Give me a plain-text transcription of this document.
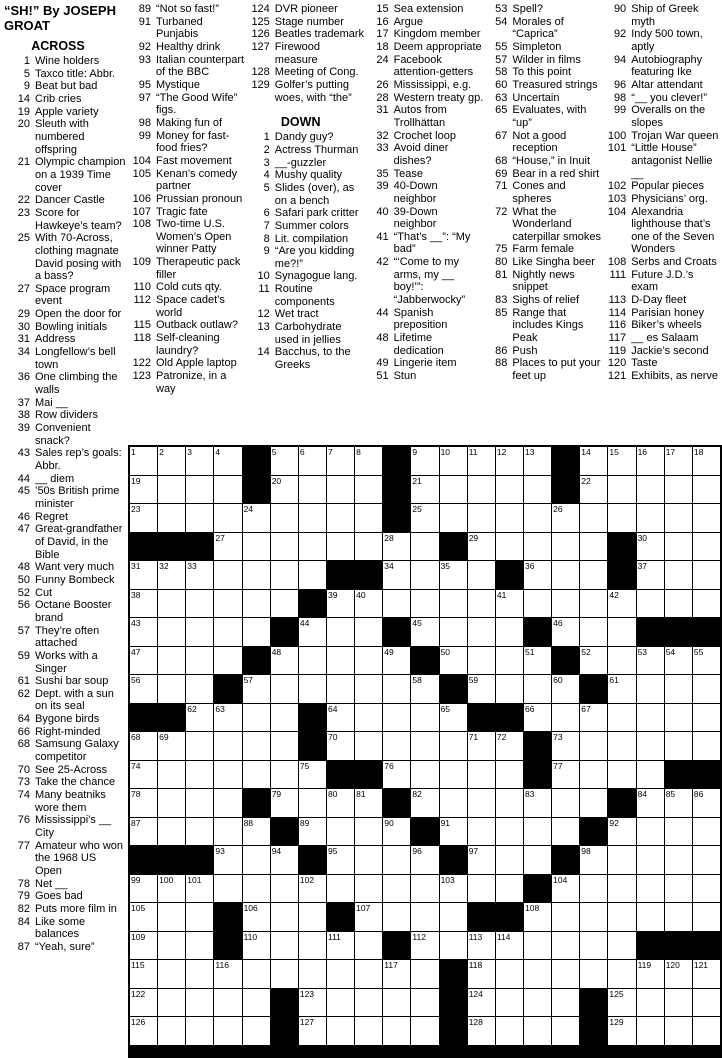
“SH!” By JOSEPH GROAT
ACROSS
1 Wine holders
5 Taxco title: Abbr.
9 Beat but bad
14 Crib cries
19 Apple variety
20 Sleuth with numbered offspring
21 Olympic champion on a 1939 Time cover
22 Dancer Castle
23 Score for Hawkeye’s team?
25 With 70-Across, clothing magnate David posing with a bass?
27 Space program event
29 Open the door for
30 Bowling initials
31 Address
34 Longfellow’s bell town
36 One climbing the walls
37 Mai __
38 Row dividers
39 Convenient snack?
43 Sales rep’s goals: Abbr.
44 __ diem
45 ’50s British prime minister
46 Regret
47 Great-grandfather of David, in the Bible
48 Want very much
50 Funny Bombeck
52 Cut
56 Octane Booster brand
57 They’re often attached
59 Works with a Singer
61 Sushi bar soup
62 Dept. with a sun on its seal
64 Bygone birds
66 Right-minded
68 Samsung Galaxy competitor
70 See 25-Across
73 Take the chance
74 Many beatniks wore them
76 Mississippi’s __ City
77 Amateur who won the 1968 US Open
78 Net __
79 Goes bad
82 Puts more film in
84 Like some balances
87 “Yeah, sure”
89 “Not so fast!”
91 Turbaned Punjabis
92 Healthy drink
93 Italian counterpart of the BBC
95 Mystique
97 “The Good Wife” figs.
98 Making fun of
99 Money for fast-food fries?
104 Fast movement
105 Kenan’s comedy partner
106 Prussian pronoun
107 Tragic fate
108 Two-time U.S. Women’s Open winner Patty
109 Therapeutic pack filler
110 Cold cuts qty.
112 Space cadet’s world
115 Outback outlaw?
118 Self-cleaning laundry?
122 Old Apple laptop
123 Patronize, in a way
124 DVR pioneer
125 Stage number
126 Beatles trademark
127 Firewood measure
128 Meeting of Cong.
129 Golfer’s putting woes, with “the”
DOWN
1 Dandy guy?
2 Actress Thurman
3 __-guzzler
4 Mushy quality
5 Slides (over), as on a bench
6 Safari park critter
7 Summer colors
8 Lit. compilation
9 “Are you kidding me?!”
10 Synagogue lang.
11 Routine components
12 Wet tract
13 Carbohydrate used in jellies
14 Bacchus, to the Greeks
15 Sea extension
16 Argue
17 Kingdom member
18 Deem appropriate
24 Facebook attention-getters
26 Mississippi, e.g.
28 Western treaty gp.
31 Autos from Trollhättan
32 Crochet loop
33 Avoid diner dishes?
35 Tease
39 40-Down neighbor
40 39-Down neighbor
41 “That’s __”: “My bad”
42 “‘Come to my arms, my __ boy!’”: “Jabberwocky”
44 Spanish preposition
48 Lifetime dedication
49 Lingerie item
51 Stun
53 Spell?
54 Morales of “Caprica”
55 Simpleton
57 Wilder in films
58 To this point
60 Treasured strings
63 Uncertain
65 Evaluates, with “up”
67 Not a good reception
68 “House,” in Inuit
69 Bear in a red shirt
71 Cones and spheres
72 What the Wonderland caterpillar smokes
75 Farm female
80 Like Singha beer
81 Nightly news snippet
83 Sighs of relief
85 Range that includes Kings Peak
86 Push
88 Places to put your feet up
90 Ship of Greek myth
92 Indy 500 town, aptly
94 Autobiography featuring Ike
96 Altar attendant
98 “__ you clever!”
99 Overalls on the slopes
100 Trojan War queen
101 “Little House” antagonist Nellie __
102 Popular pieces
103 Physicians’ org.
104 Alexandria lighthouse that’s one of the Seven Wonders
108 Serbs and Croats
111 Future J.D.’s exam
113 D-Day fleet
114 Parisian honey
116 Biker’s wheels
117 __ es Salaam
119 Jackie’s second
120 Taste
121 Exhibits, as nerve
1	2	3	4	5	6	7	8	9	10 11 12 13	14 15 16 17 18
19	20	21	22
23	24	25	26
27	28	29	30
31 32 33	34	35	36	37
38	39 40	41	42
43	44	45	46
47	48	49	50	51	52	53 54 55
56	57	58	59	60	61
62 63	64	65	66	67
68 69	70	71 72	73
74	75	76	77
78	79	80 81	82	83	84 85 86
87	88	89	90	91	92
93	94	95	96	97	98
99 100 101	102	103	104
105	106	107	108
109	110	111	112	113 114
115	116	117	118	119 120 121
122	123	124	125
126	127	128	129
